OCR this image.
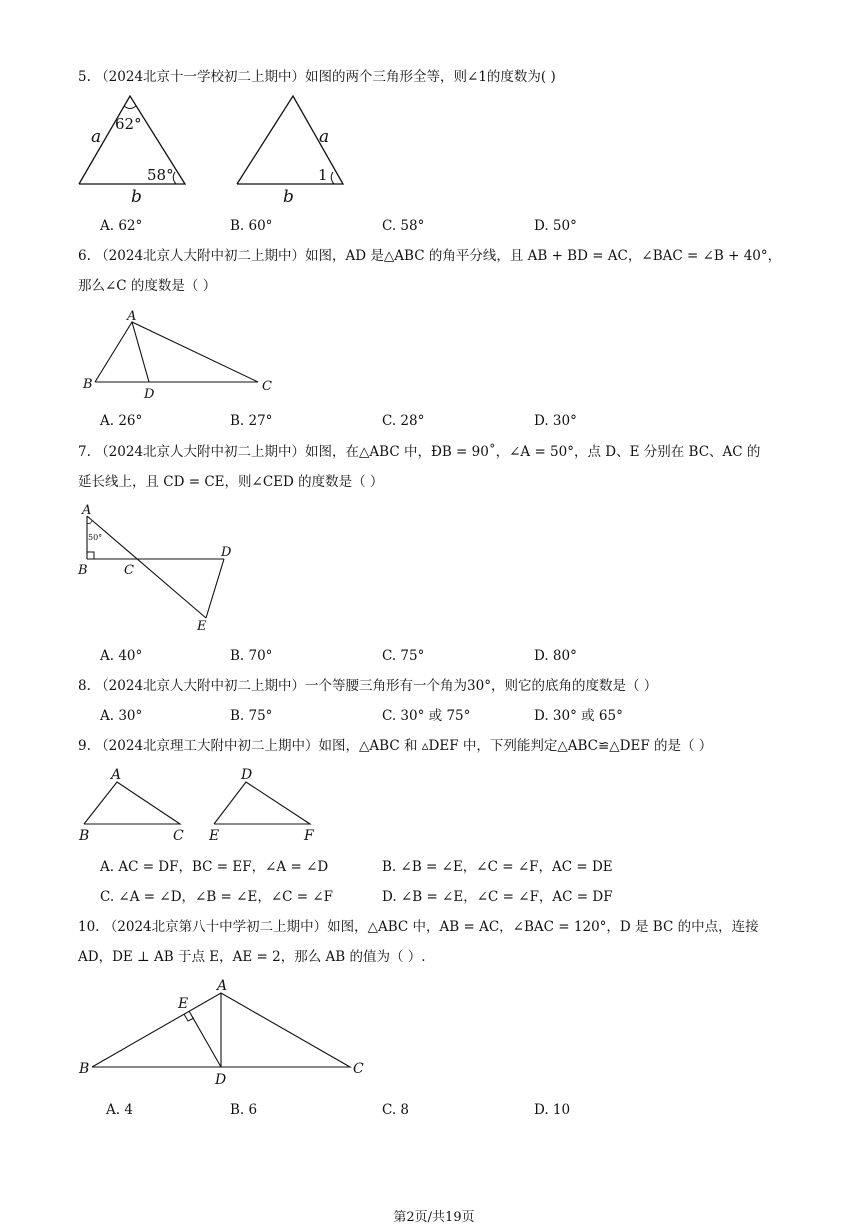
5. （2024北京十一学校初二上期中）如图的两个三角形全等，则∠1的度数为( )
a
62°
58°
b
a
1
b
A. 62°	B. 60°	C. 58°	D. 50°
6. （2024北京人大附中初二上期中）如图，AD 是△ABC 的角平分线，且 AB + BD = AC，∠BAC = ∠B + 40°，
那么∠C 的度数是（ ）
A
B
D
C
A. 26°	B. 27°	C. 28°	D. 30°
7. （2024北京人大附中初二上期中）如图，在△ABC 中，ÐB = 90˚，∠A = 50°，点 D、E 分别在 BC、AC 的
延长线上，且 CD = CE，则∠CED 的度数是（ ）
A
50°
B	C
D
E
A. 40°	B. 70°	C. 75°	D. 80°
8. （2024北京人大附中初二上期中）一个等腰三角形有一个角为30°，则它的底角的度数是（ ）
A. 30°	B. 75°	C. 30° 或 75°	D. 30° 或 65°
9. （2024北京理工大附中初二上期中）如图，△ABC 和 ▵DEF 中，下列能判定△ABC≌△DEF 的是（ ）
A
B	C
D
E	F
A. AC = DF，BC = EF，∠A = ∠D	B. ∠B = ∠E，∠C = ∠F，AC = DE
C. ∠A = ∠D，∠B = ∠E，∠C = ∠F	D. ∠B = ∠E，∠C = ∠F，AC = DF
10. （2024北京第八十中学初二上期中）如图，△ABC 中，AB = AC，∠BAC = 120°，D 是 BC 的中点，连接
AD，DE ⊥ AB 于点 E，AE = 2，那么 AB 的值为（ ）.
A
E
B
D
C
A. 4	B. 6	C. 8	D. 10
第2页/共19页
